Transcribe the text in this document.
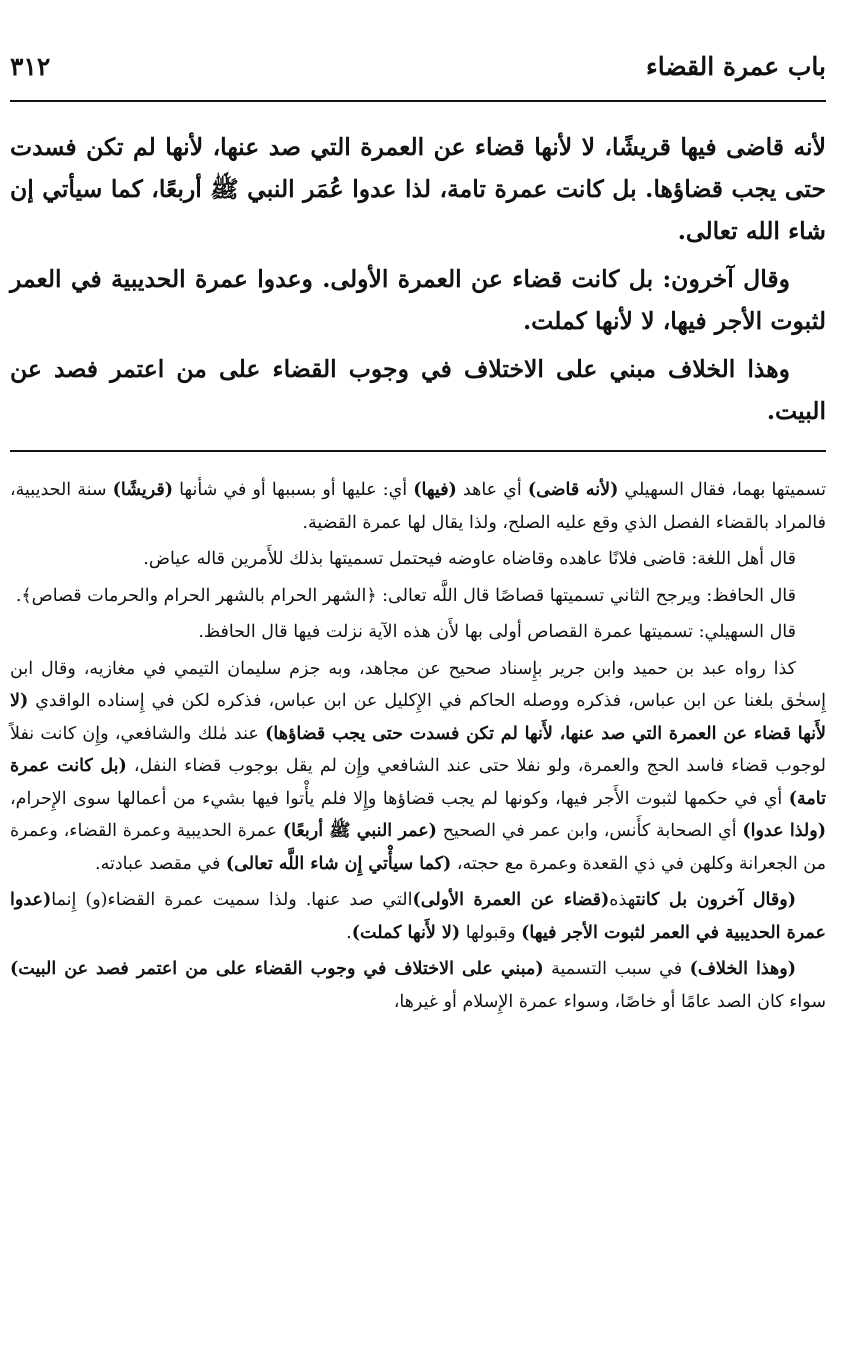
٣١٢	باب عمرة القضاء

لأنه قاضى فيها قريشًا، لا لأنها قضاء عن العمرة التي صد عنها، لأنها لم تكن فسدت حتى يجب قضاؤها. بل كانت عمرة تامة، لذا عدوا عُمَر النبي ﷺ أربعًا، كما سيأتي إن شاء الله تعالى.

وقال آخرون: بل كانت قضاء عن العمرة الأولى. وعدوا عمرة الحديبية في العمر لثبوت الأجر فيها، لا لأنها كملت.

وهذا الخلاف مبني على الاختلاف في وجوب القضاء على من اعتمر فصد عن البيت.

تسميتها بهما، فقال السهيلي (لأنه قاضى) أي عاهد (فيها) أي: عليها أو بسببها أو في شأنها (قريشًا) سنة الحديبية، فالمراد بالقضاء الفصل الذي وقع عليه الصلح، ولذا يقال لها عمرة القضية.

قال أهل اللغة: قاضى فلانًا عاهده وقاضاه عاوضه فيحتمل تسميتها بذلك للأَمرين قاله عياض.

قال الحافظ: ويرجح الثاني تسميتها قصاصًا قال اللَّه تعالى: ﴿الشهر الحرام بالشهر الحرام والحرمات قصاص﴾.

قال السهيلي: تسميتها عمرة القصاص أولى بها لأَن هذه الآية نزلت فيها قال الحافظ.

كذا رواه عبد بن حميد وابن جرير بإِسناد صحيح عن مجاهد، وبه جزم سليمان التيمي في مغازيه، وقال ابن إِسحٰق بلغنا عن ابن عباس، فذكره ووصله الحاكم في الإِكليل عن ابن عباس، فذكره لكن في إِسناده الواقدي (لا لأَنها قضاء عن العمرة التي صد عنها، لأَنها لم تكن فسدت حتى يجب قضاؤها) عند مٰلك والشافعي، وإِن كانت نفلاً لوجوب قضاء فاسد الحج والعمرة، ولو نفلا حتى عند الشافعي وإِن لم يقل بوجوب قضاء النفل، (بل كانت عمرة تامة) أي في حكمها لثبوت الأَجر فيها، وكونها لم يجب قضاؤها وإِلا فلم يأْتوا فيها بشيء من أعمالها سوى الإِحرام، (ولذا عدوا) أي الصحابة كأَنس، وابن عمر في الصحيح (عمر النبي ﷺ أربعًا) عمرة الحديبية وعمرة القضاء، وعمرة من الجعرانة وكلهن في ذي القعدة وعمرة مع حجته، (كما سيأْتي إِن شاء اللَّه تعالى) في مقصد عبادته.

(وقال آخرون بل كانتهذه(قضاء عن العمرة الأولى)التي صد عنها. ولذا سميت عمرة القضاء(و) إِنما(عدوا عمرة الحديبية في العمر لثبوت الأجر فيها) وقبولها (لا لأَنها كملت).

(وهذا الخلاف) في سبب التسمية (مبني على الاختلاف في وجوب القضاء على من اعتمر فصد عن البيت) سواء كان الصد عامًا أو خاصًا، وسواء عمرة الإِسلام أو غيرها،
